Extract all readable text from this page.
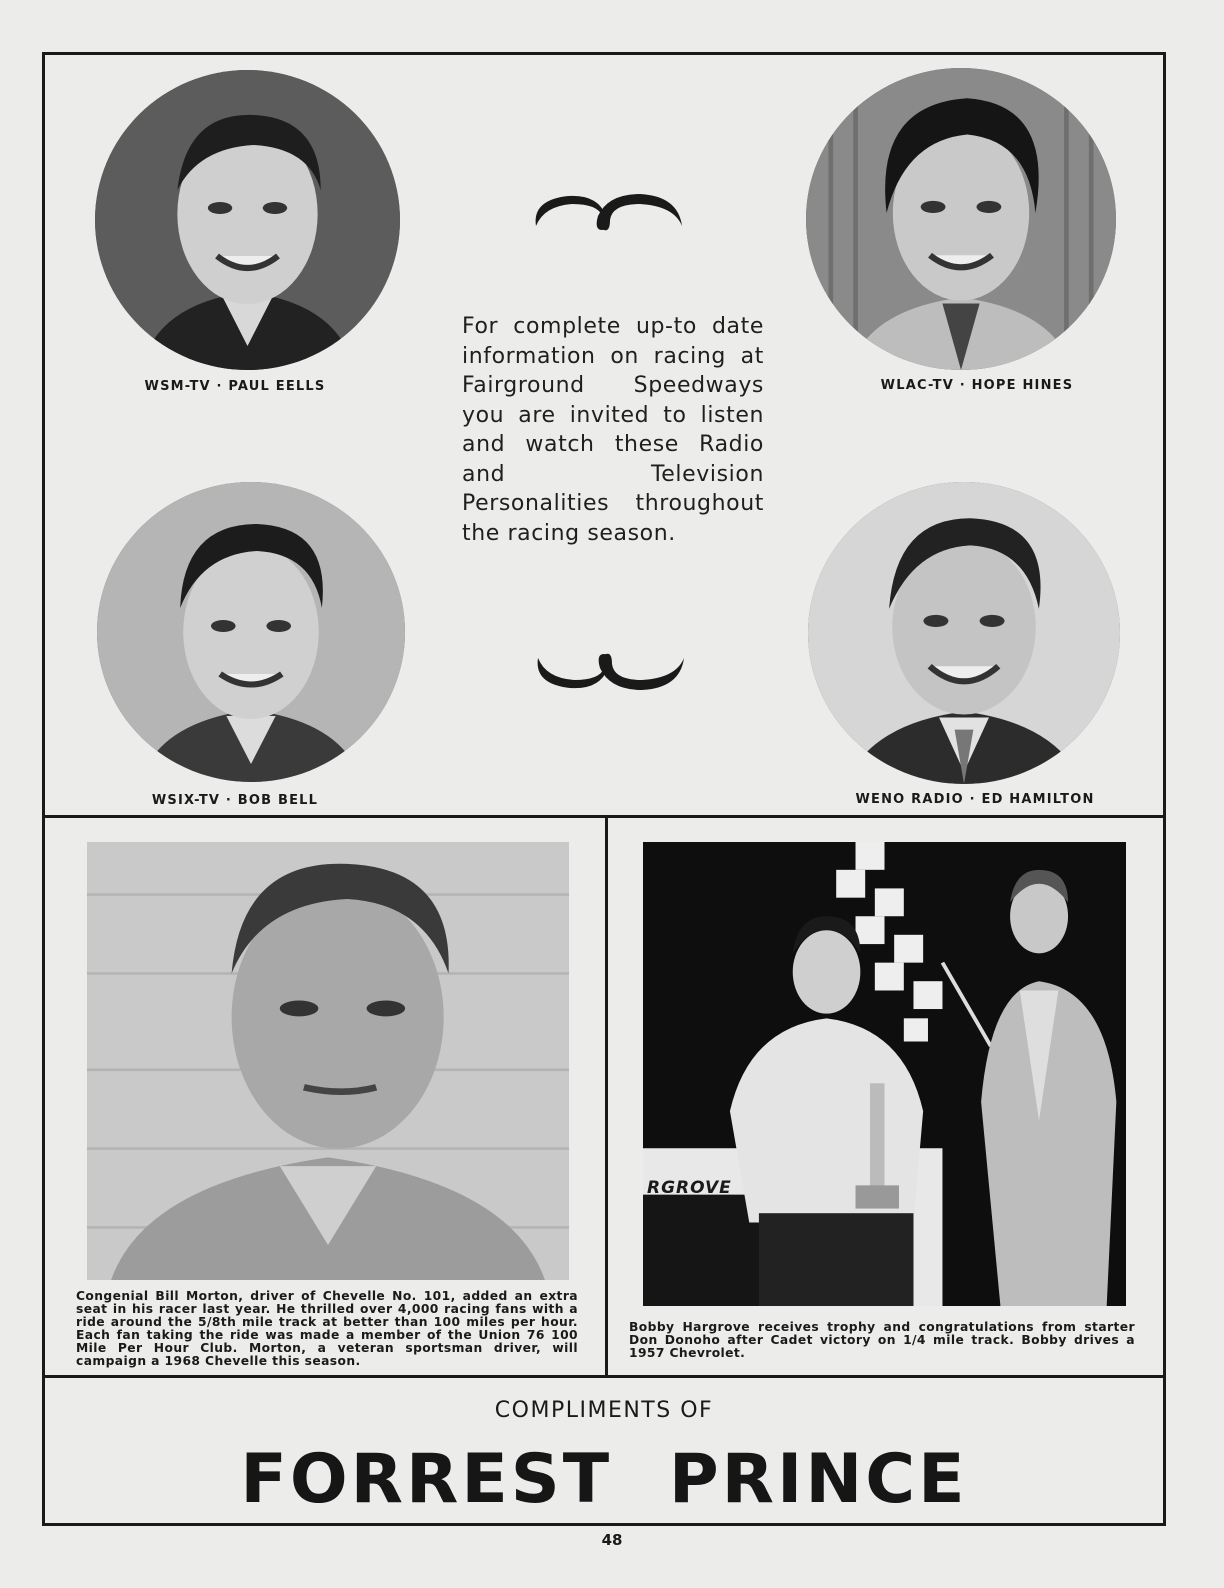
WSM-TV · PAUL EELLS	WLAC-TV · HOPE HINES
WSIX-TV · BOB BELL	WENO RADIO · ED HAMILTON
For complete up-to date information on racing at Fairground Speedways you are invited to listen and watch these Radio and Television Personalities throughout the racing season.
Congenial Bill Morton, driver of Chevelle No. 101, added an extra seat in his racer last year. He thrilled over 4,000 racing fans with a ride around the 5/8th mile track at better than 100 miles per hour. Each fan taking the ride was made a member of the Union 76 100 Mile Per Hour Club. Morton, a veteran sportsman driver, will campaign a 1968 Chevelle this season.
RGROVE
Bobby Hargrove receives trophy and congratulations from starter Don Donoho after Cadet victory on 1/4 mile track. Bobby drives a 1957 Chevrolet.
COMPLIMENTS OF
FORREST PRINCE
48
